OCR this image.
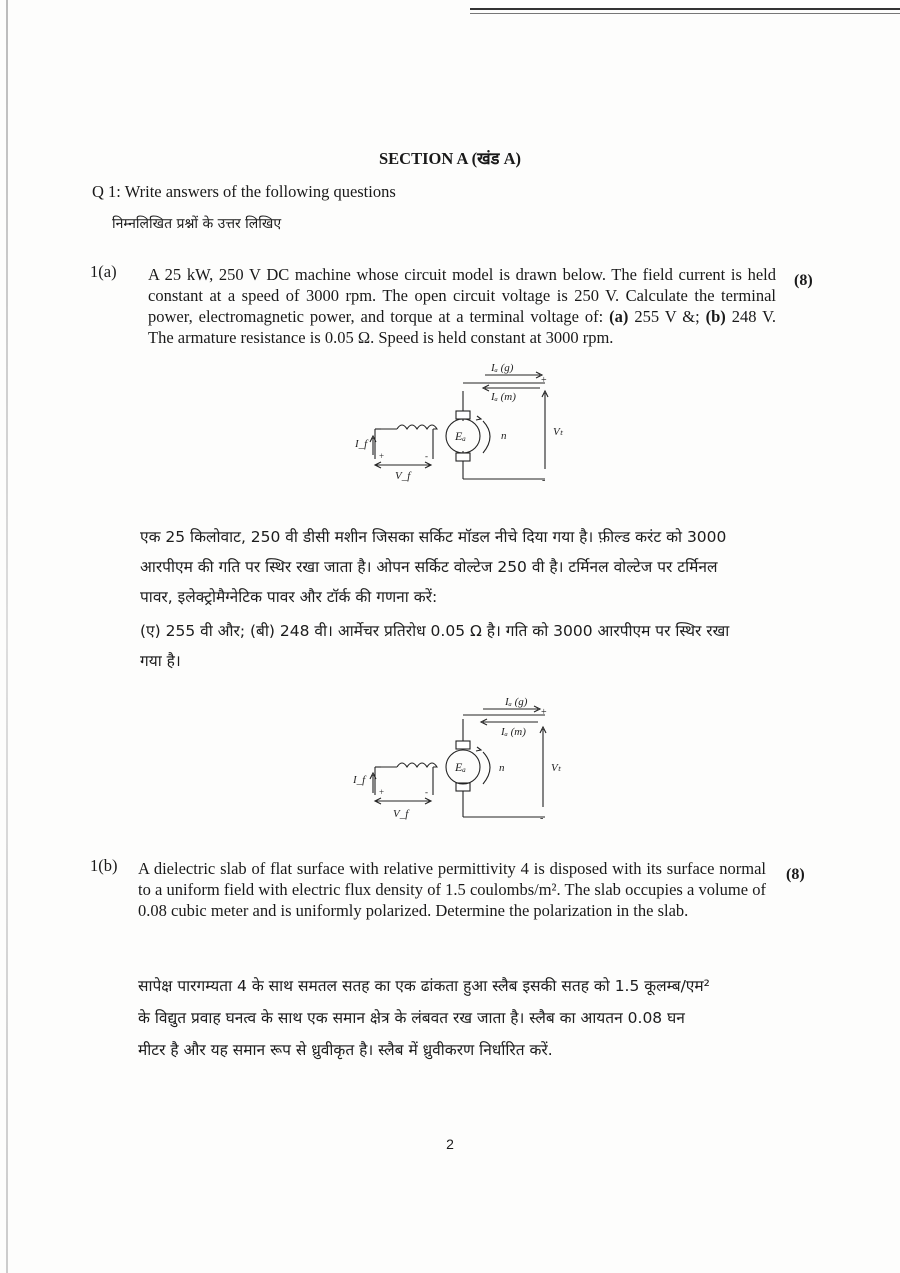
SECTION A (खंड A)
Q 1: Write answers of the following questions
निम्नलिखित प्रश्नों के उत्तर लिखिए
1(a) A 25 kW, 250 V DC machine whose circuit model is drawn below. The field current is held constant at a speed of 3000 rpm. The open circuit voltage is 250 V. Calculate the terminal power, electromagnetic power, and torque at a terminal voltage of: (a) 255 V &; (b) 248 V. The armature resistance is 0.05 Ω. Speed is held constant at 3000 rpm.
(8)
Iₐ (g)
Iₐ (m)
Eₐ	n	Vₜ
I_f
V_f
+
-
+	-
एक 25 किलोवाट, 250 वी डीसी मशीन जिसका सर्किट मॉडल नीचे दिया गया है। फ़ील्ड करंट को 3000
आरपीएम की गति पर स्थिर रखा जाता है। ओपन सर्किट वोल्टेज 250 वी है। टर्मिनल वोल्टेज पर टर्मिनल
पावर, इलेक्ट्रोमैग्नेटिक पावर और टॉर्क की गणना करें:
(ए) 255 वी और; (बी) 248 वी। आर्मेचर प्रतिरोध 0.05 Ω है। गति को 3000 आरपीएम पर स्थिर रखा
गया है।
Iₐ (g)
Iₐ (m)
Eₐ	n	Vₜ
I_f
V_f
+
-
+	-
1(b) A dielectric slab of flat surface with relative permittivity 4 is disposed with its surface normal to a uniform field with electric flux density of 1.5 coulombs/m². The slab occupies a volume of 0.08 cubic meter and is uniformly polarized. Determine the polarization in the slab.
(8)
सापेक्ष पारगम्यता 4 के साथ समतल सतह का एक ढांकता हुआ स्लैब इसकी सतह को 1.5 कूलम्ब/एम²
के विद्युत प्रवाह घनत्व के साथ एक समान क्षेत्र के लंबवत रख जाता है। स्लैब का आयतन 0.08 घन
मीटर है और यह समान रूप से ध्रुवीकृत है। स्लैब में ध्रुवीकरण निर्धारित करें.
2
